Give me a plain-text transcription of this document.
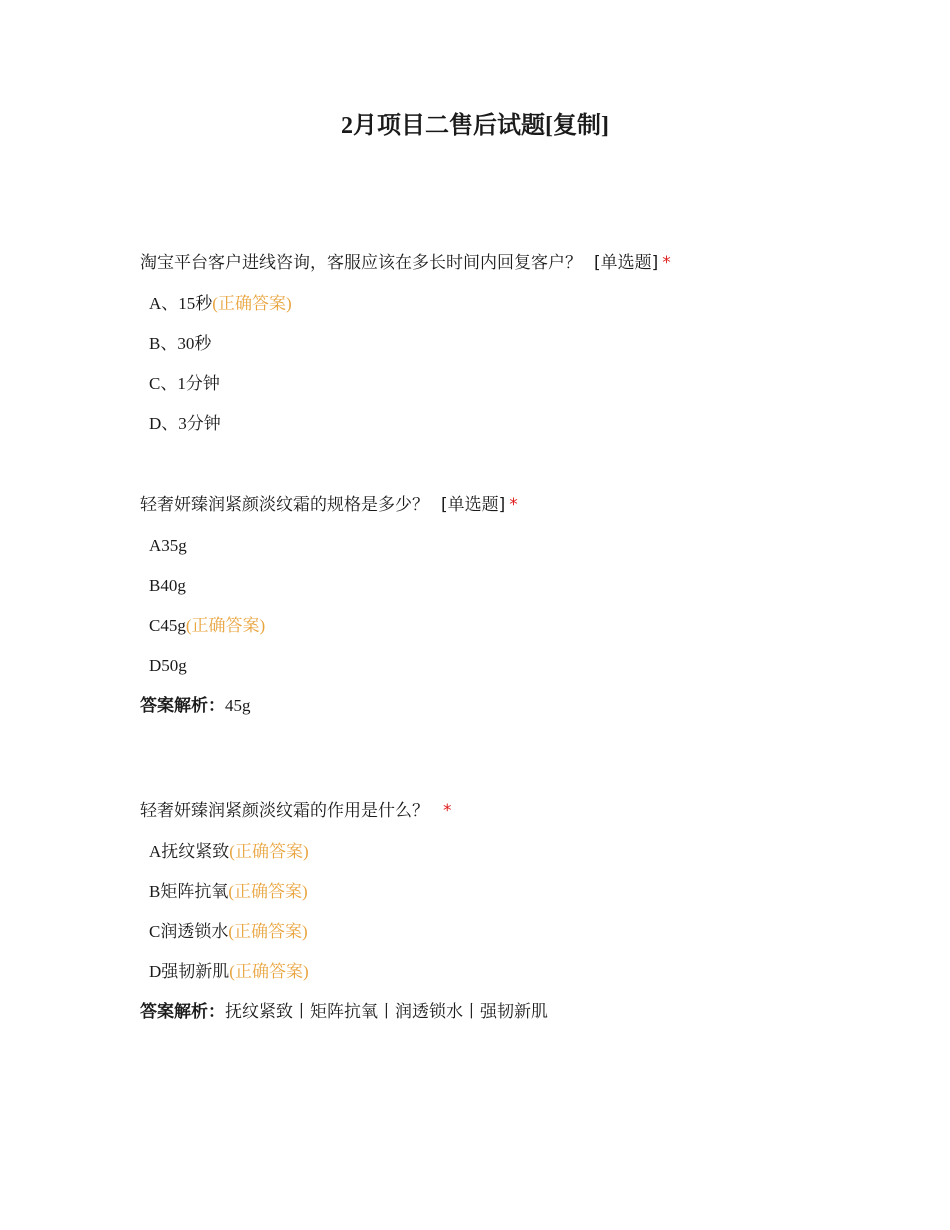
2月项目二售后试题[复制]
淘宝平台客户进线咨询，客服应该在多长时间内回复客户？ [单选题] *
A、15秒(正确答案)
B、30秒
C、1分钟
D、3分钟
轻奢妍臻润紧颜淡纹霜的规格是多少？ [单选题] *
A35g
B40g
C45g(正确答案)
D50g
答案解析：45g
轻奢妍臻润紧颜淡纹霜的作用是什么？ *
A抚纹紧致(正确答案)
B矩阵抗氧(正确答案)
C润透锁水(正确答案)
D强韧新肌(正确答案)
答案解析：抚纹紧致丨矩阵抗氧丨润透锁水丨强韧新肌
